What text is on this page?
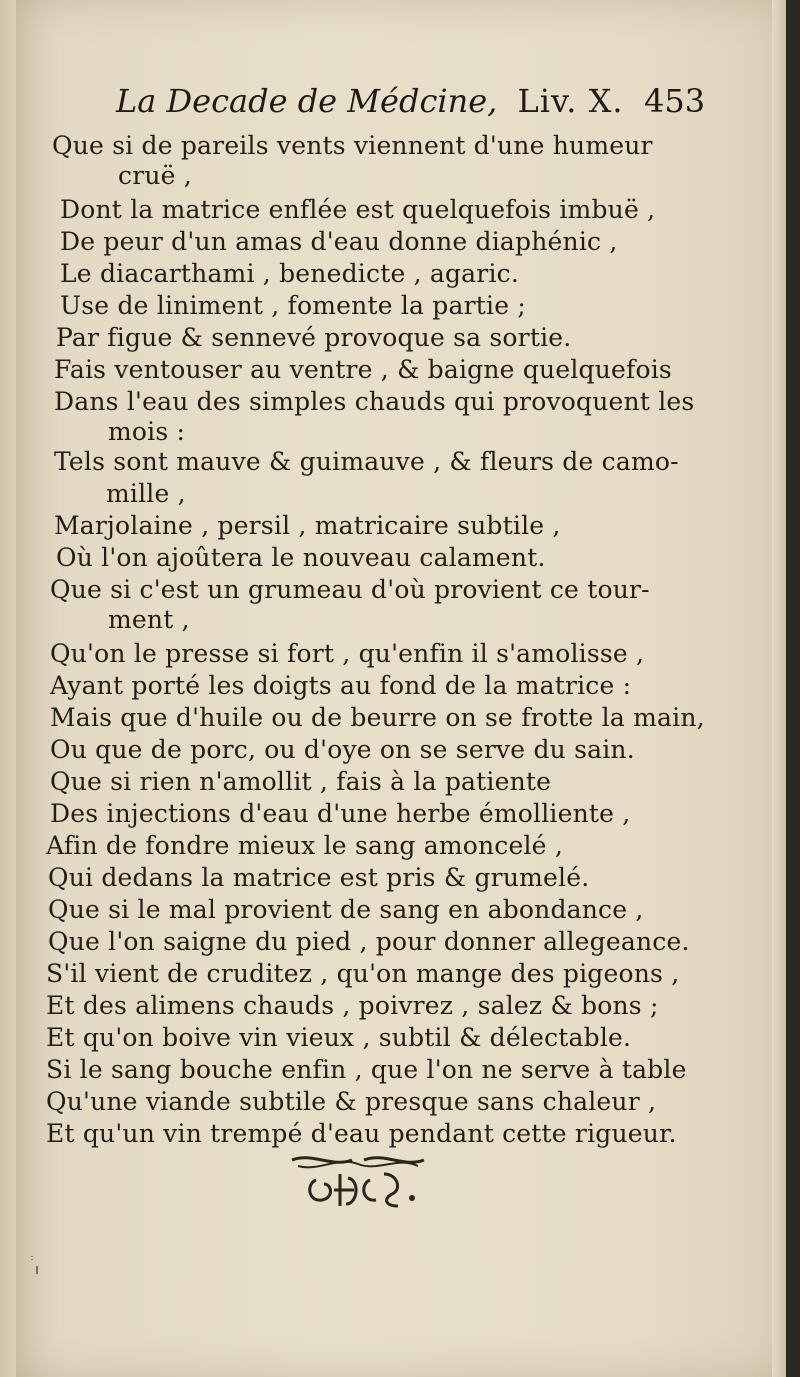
La Decade de Méd‌cine, Liv. X. 453
Que si de pareils vents viennent d'une humeur
cruë ,
Dont la matrice enflée est quelquefois imbuë ,
De peur d'un amas d'eau donne diaphénic ,
Le diacarthami , benedicte , agaric.
Use de liniment , fomente la partie ;
Par figue & sennevé provoque sa sortie.
Fais ventouser au ventre , & baigne quelquefois
Dans l'eau des simples chauds qui provoquent les
mois :
Tels sont mauve & guimauve , & fleurs de camo-
mille ,
Marjolaine , persil , matricaire subtile ,
Où l'on ajoûtera le nouveau calament.
Que si c'est un grumeau d'où provient ce tour-
ment ,
Qu'on le presse si fort , qu'enfin il s'amolisse ,
Ayant porté les doigts au fond de la matrice :
Mais que d'huile ou de beurre on se frotte la main,
Ou que de porc, ou d'oye on se serve du sain.
Que si rien n'amollit , fais à la patiente
Des injections d'eau d'une herbe émolliente ,
Afin de fondre mieux le sang amoncelé ,
Qui dedans la matrice est pris & grumelé.
Que si le mal provient de sang en abondance ,
Que l'on saigne du pied , pour donner allegeance.
S'il vient de cruditez , qu'on mange des pigeons ,
Et des alimens chauds , poivrez , salez & bons ;
Et qu'on boive vin vieux , subtil & délectable.
Si le sang bouche enfin , que l'on ne serve à table
Qu'une viande subtile & presque sans chaleur ,
Et qu'un vin trempé d'eau pendant cette rigueur.
